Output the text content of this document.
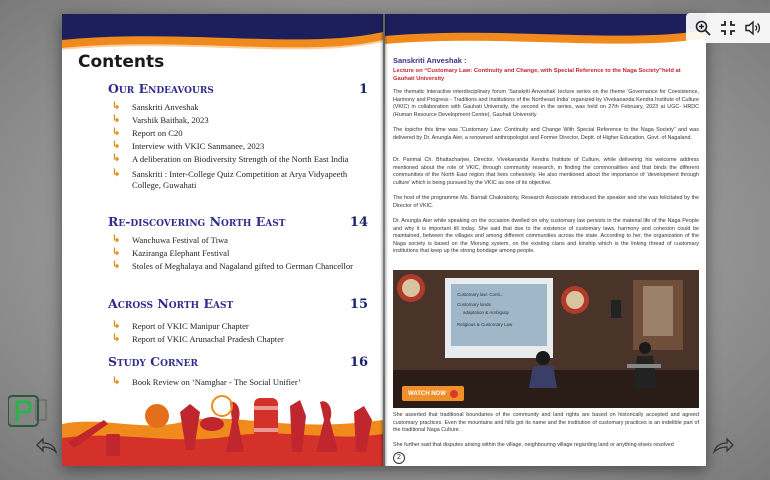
Contents
Our Endeavours	1
↳ Sanskriti Anveshak
↳ Varshik Baithak, 2023
↳ Report on C20
↳ Interview with VKIC Sanmanee, 2023
↳ A deliberation on Biodiversity Strength of the North East India
↳ Sanskriti : Inter-College Quiz Competition at Arya Vidyapeeth College, Guwahati
Re-discovering North East	14
↳ Wanchuwa Festival of Tiwa
↳ Kaziranga Elephant Festival
↳ Stoles of Meghalaya and Nagaland gifted to German Chancellor
Across North East	15
↳ Report of VKIC Manipur Chapter
↳ Report of VKIC Arunachal Pradesh Chapter
Study Corner	16
↳ Book Review on ‘Namghar - The Social Unifier’
Sanskriti Anveshak :
Lecture on “Customary Law: Continuity and Change, with Special Reference to the Naga Society”held at Gauhati University
The thematic interactive interdisciplinary forum ‘Sanskriti Anveshak’ lecture series on the theme ‘Governance for Coexistence, Harmony and Progress - Traditions and Institutions of the Northeast India’ organized by Vivekananda Kendra Institute of Culture (VKIC) in collaboration with Gauhati University, the second in the series, was held on 27th February, 2023 at UGC- HRDC (Human Resource Development Centre), Gauhati University
The topicfor this time was “Customary Law: Continuity and Change With Special Reference to the Naga Society” and was delivered by Dr. Anungla Aier, a renowned anthropologist and Former Director, Deptt. of Higher Education, Govt. of Nagaland.
Dr. Parimal Ch. Bhattacharjee, Director, Vivekananda Kendra Institute of Culture, while delivering his welcome address mentioned about the role of VKIC, through community research, in finding the commonalities and that binds the different communities of the North East region that lives cohesively. He also mentioned about the importance of ‘development through culture’ which is being pursued by the VKIC as one of its objective.
The host of the programme Ms. Barnali Chakraborty, Research Associate introduced the speaker and she was felicitated by the Director of VKIC.
Dr. Anungla Aier while speaking on the occasion dwelled on why customary law persists in the material life of the Naga People and why it is important till today. She said that due to the existence of customary laws, harmony and cohesion could be maintained, between the villages and among different communities across the state. According to her, the organization of the Naga society is based on the Morung system, on the existing clans and kinship which is the linking thread of customary institutions that keep up the strong bondage among people.
Customary law: Conti...
Customary lands
adaptation & Ambiguity
Religious & Customary Law
WATCH NOW
She asserted that traditional boundaries of the community and land rights are based on historically accepted and agreed customary practices. Even the mountains and hills got its name and the institution of customary practices is an indelible part of the traditional Naga Culture.
She further said that disputes arising within the village, neighbouring village regarding land or anything elseis resolved
2
